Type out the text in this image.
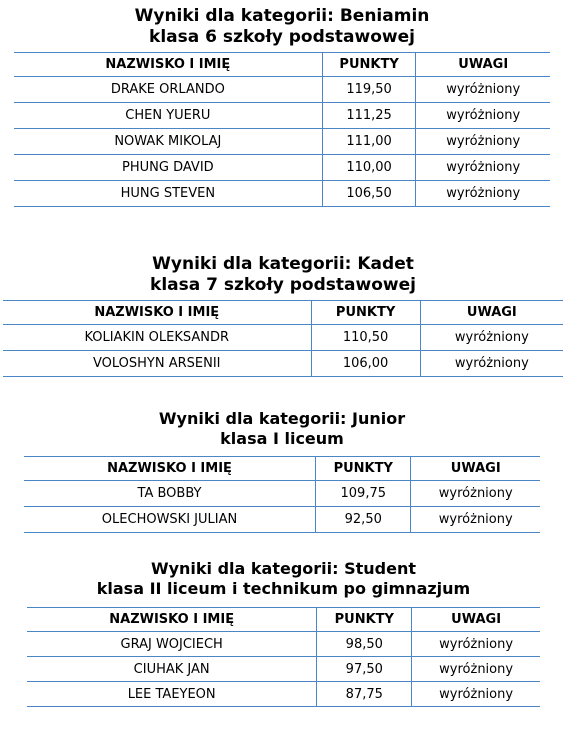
Wyniki dla kategorii: Beniamin
klasa 6 szkoły podstawowej
NAZWISKO I IMIĘ	PUNKTY	UWAGI
DRAKE ORLANDO	119,50	wyróżniony
CHEN YUERU	111,25	wyróżniony
NOWAK MIKOLAJ	111,00	wyróżniony
PHUNG DAVID	110,00	wyróżniony
HUNG STEVEN	106,50	wyróżniony
Wyniki dla kategorii: Kadet
klasa 7 szkoły podstawowej
NAZWISKO I IMIĘ	PUNKTY	UWAGI
KOLIAKIN OLEKSANDR	110,50	wyróżniony
VOLOSHYN ARSENII	106,00	wyróżniony
Wyniki dla kategorii: Junior
klasa I liceum
NAZWISKO I IMIĘ	PUNKTY	UWAGI
TA BOBBY	109,75	wyróżniony
OLECHOWSKI JULIAN	92,50	wyróżniony
Wyniki dla kategorii: Student
klasa II liceum i technikum po gimnazjum
NAZWISKO I IMIĘ	PUNKTY	UWAGI
GRAJ WOJCIECH	98,50	wyróżniony
CIUHAK JAN	97,50	wyróżniony
LEE TAEYEON	87,75	wyróżniony
